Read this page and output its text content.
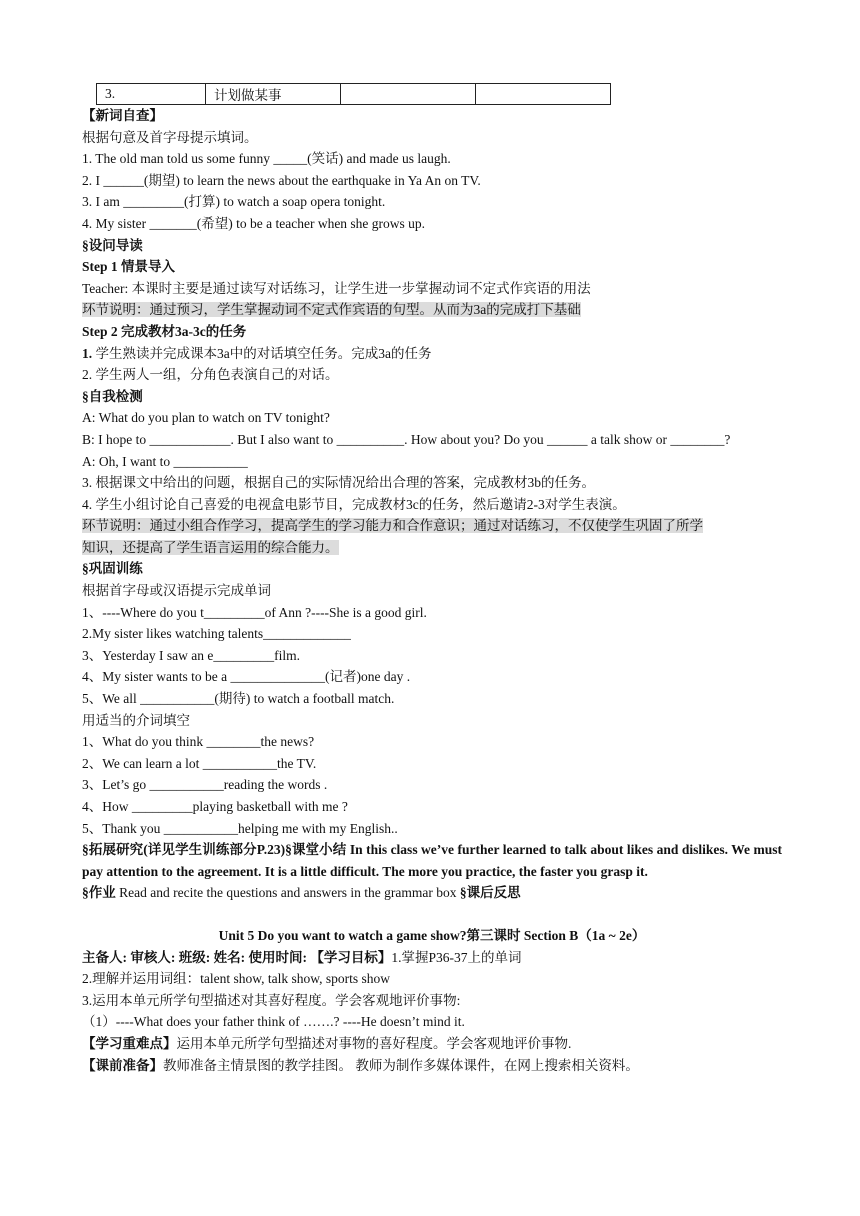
3.	计划做某事		
【新词自查】
根据句意及首字母提示填词。
1. The old man told us some funny _____(笑话) and made us laugh.
2. I ______(期望) to learn the news about the earthquake in Ya An on TV.
3. I am _________(打算) to watch a soap opera tonight.
4. My sister _______(希望) to be a teacher when she grows up.
§设问导读
Step 1 情景导入
Teacher: 本课时主要是通过读写对话练习，让学生进一步掌握动词不定式作宾语的用法
环节说明：通过预习，学生掌握动词不定式作宾语的句型。从而为3a的完成打下基础
Step 2 完成教材3a-3c的任务
1. 学生熟读并完成课本3a中的对话填空任务。完成3a的任务
2. 学生两人一组，分角色表演自己的对话。
§自我检测
A: What do you plan to watch on TV tonight?
B: I hope to ____________. But I also want to __________. How about you? Do you ______ a talk show or ________?
A: Oh, I want to ___________
3. 根据课文中给出的问题，根据自己的实际情况给出合理的答案，完成教材3b的任务。
4. 学生小组讨论自己喜爱的电视盒电影节目，完成教材3c的任务，然后邀请2-3对学生表演。
环节说明：通过小组合作学习，提高学生的学习能力和合作意识；通过对话练习，不仅使学生巩固了所学
知识，还提高了学生语言运用的综合能力。
§巩固训练
根据首字母或汉语提示完成单词
1、----Where do you t_________of Ann ?----She is a good girl.
2.My sister likes watching talents_____________
3、Yesterday I saw an e_________film.
4、My sister wants to be a ______________(记者)one day .
5、We all ___________(期待) to watch a football match.
用适当的介词填空
1、What do you think ________the news?
2、We can learn a lot ___________the TV.
3、Let’s go ___________reading the words .
4、How _________playing basketball with me ?
5、Thank you ___________helping me with my English..
§拓展研究(详见学生训练部分P.23)§课堂小结 In this class we’ve further learned to talk about likes and dislikes. We must pay attention to the agreement. It is a little difficult. The more you practice, the faster you grasp it.
§作业 Read and recite the questions and answers in the grammar box §课后反思
Unit 5 Do you want to watch a game show?第三课时 Section B（1a ~ 2e）
主备人: 审核人: 班级: 姓名: 使用时间: 【学习目标】1.掌握P36-37上的单词
2.理解并运用词组：talent show, talk show, sports show
3.运用本单元所学句型描述对其喜好程度。学会客观地评价事物:
（1）----What does your father think of …….? ----He doesn’t mind it.
【学习重难点】运用本单元所学句型描述对事物的喜好程度。学会客观地评价事物.
【课前准备】教师准备主情景图的教学挂图。 教师为制作多媒体课件，在网上搜索相关资料。
